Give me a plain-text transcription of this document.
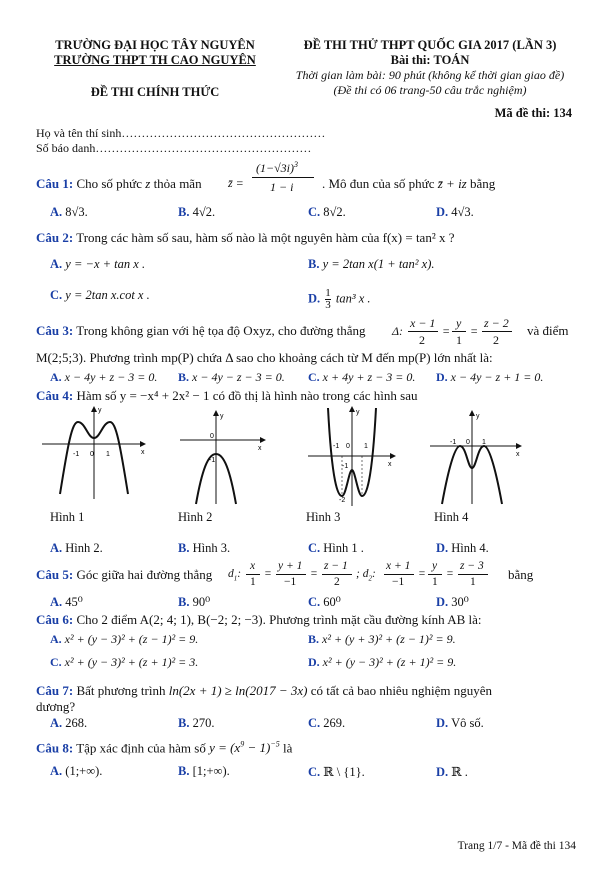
TRƯỜNG ĐẠI HỌC TÂY NGUYÊN
TRƯỜNG THPT TH CAO NGUYÊN
ĐỀ THI CHÍNH THỨC
ĐỀ THI THỬ THPT QUỐC GIA 2017 (LẦN 3)
Bài thi: TOÁN
Thời gian làm bài: 90 phút (không kể thời gian giao đề)
(Đề thi có 06 trang-50 câu trắc nghiệm)
Mã đề thi: 134
Họ và tên thí sinh……………………………………………
Số báo danh………………………………………………
Câu 1: Cho số phức z thỏa mãn z̄ =
$(1-√3i)^3$
1 − i . Mô đun của số phức z̄ + iz bằng
A. 8√3.	B. 4√2.	C. 8√2.	D. 4√3.
Câu 2: Trong các hàm số sau, hàm số nào là một nguyên hàm của f(x) = tan² x ?
A. y = −x + tan x .	B. y = 2tan x(1 + tan² x).
C. y = 2tan x.cot x .	D. $\frac{1}{3} \tan^3$ x .
Câu 3: Trong không gian với hệ tọa độ Oxyz, cho đường thẳng Δ:
x − 1
2
=
y
1
=
z − 2
2
và điểm
M(2;5;3). Phương trình mp(P) chứa Δ sao cho khoảng cách từ M đến mp(P) lớn nhất là:
A. x − 4y + z − 3 = 0. B. x − 4y − z − 3 = 0. C. x + 4y + z − 3 = 0. D. x − 4y − z + 1 = 0.
Câu 4: Hàm số y = −x⁴ + 2x² − 1 có đồ thị là hình nào trong các hình sau
-1 0 1
y
x
0
-1
y
x	-1 0 1
-1
-2
y
x
-1 0 1
y
x
Hình 1	Hình 2	Hình 3	Hình 4
A. Hình 2.	B. Hình 3.	C. Hình 1 .	D. Hình 4.
Câu 5: Góc giữa hai đường thẳng $d_1$:
x
1
=
y + 1
−1
=
z − 1
2
; $d_2$:
x + 1
−1
=
y
1
=
z − 3
1 bằng
A. 45⁰	B. 90⁰	C. 60⁰	D. 30⁰
Câu 6: Cho 2 điểm A(2; 4; 1), B(−2; 2; −3). Phương trình mặt cầu đường kính AB là:
A. x² + (y − 3)² + (z − 1)² = 9.	B. x² + (y + 3)² + (z − 1)² = 9.
C. x² + (y − 3)² + (z + 1)² = 3.	D. x² + (y − 3)² + (z + 1)² = 9.
Câu 7: Bất phương trình ln(2x + 1) ≥ ln(2017 − 3x) có tất cả bao nhiêu nghiệm nguyên
dương?
A. 268.	B. 270.	C. 269.	D. Vô số.
Câu 8: Tập xác định của hàm số $y = (x^9 - 1)^{-5}$ là
A. (1;+∞).	B. [1;+∞).	C. ℝ \ {1}.	D. ℝ .
Trang 1/7 - Mã đề thi 134
